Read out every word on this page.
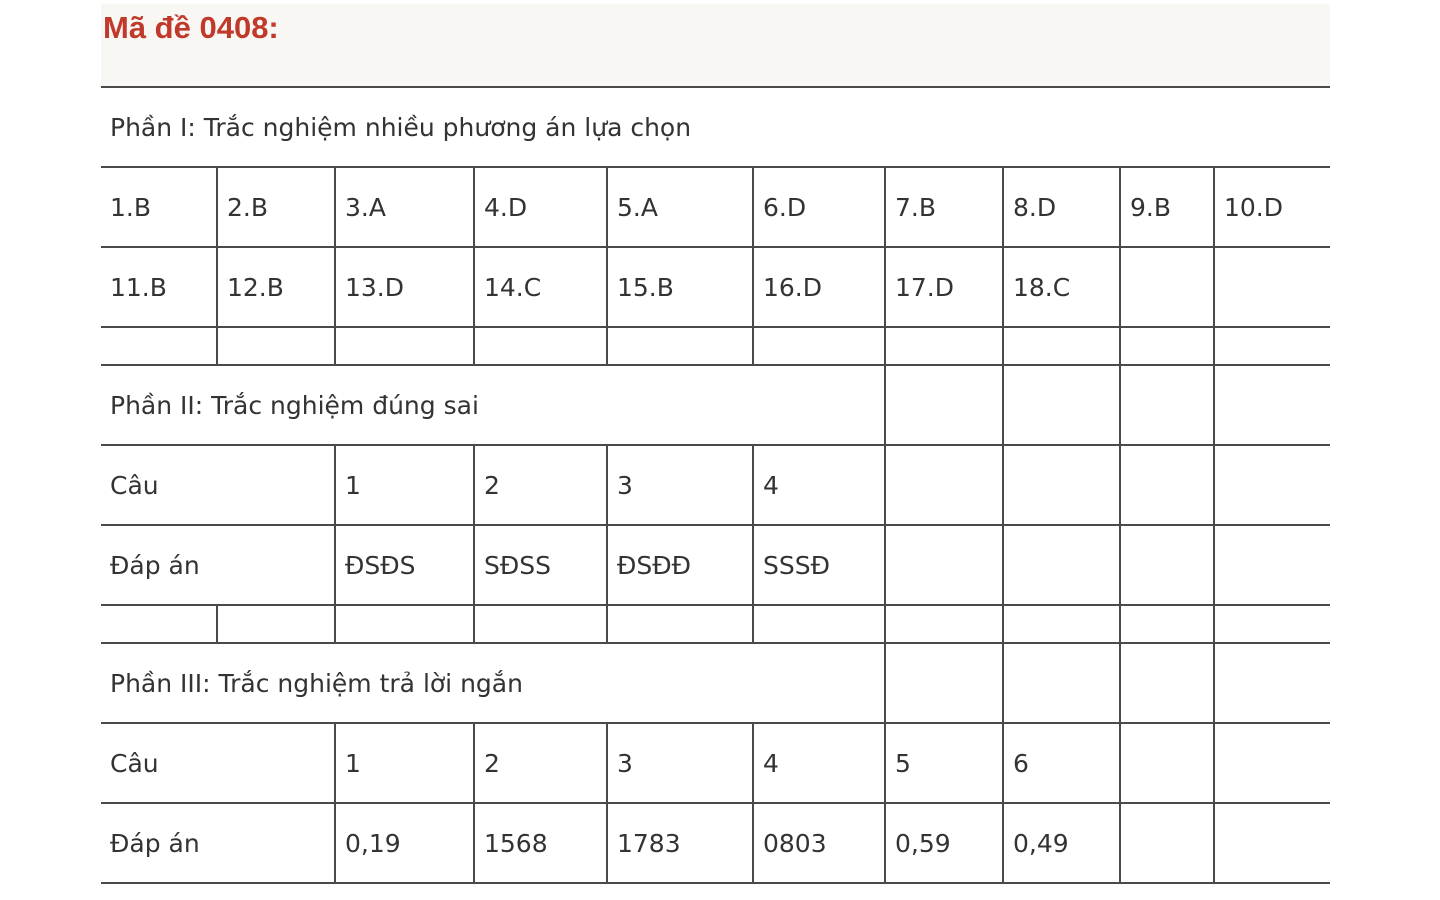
Mã đề 0408:
Phần I: Trắc nghiệm nhiều phương án lựa chọn									
1.B	2.B	3.A	4.D	5.A	6.D	7.B	8.D	9.B	10.D
11.B	12.B	13.D	14.C	15.B	16.D	17.D	18.C		

Phần II: Trắc nghiệm đúng sai									
Câu		1	2	3	4				
Đáp án		ĐSĐS	SĐSS	ĐSĐĐ	SSSĐ				

Phần III: Trắc nghiệm trả lời ngắn									
Câu		1	2	3	4	5	6		
Đáp án		0,19	1568	1783	0803	0,59	0,49		
